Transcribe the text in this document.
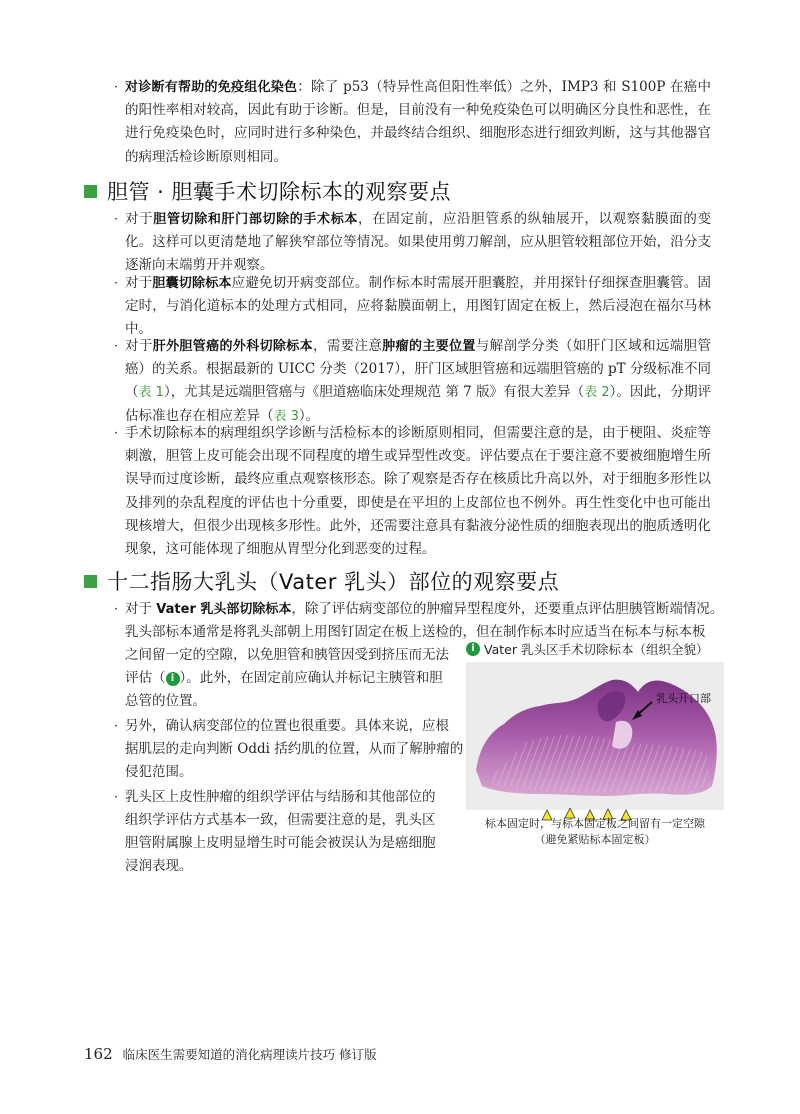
· 对诊断有帮助的免疫组化染色：除了 p53（特异性高但阳性率低）之外，IMP3 和 S100P 在癌中的阳性率相对较高，因此有助于诊断。但是，目前没有一种免疫染色可以明确区分良性和恶性，在进行免疫染色时，应同时进行多种染色，并最终结合组织、细胞形态进行细致判断，这与其他器官的病理活检诊断原则相同。
胆管 · 胆囊手术切除标本的观察要点
· 对于胆管切除和肝门部切除的手术标本，在固定前，应沿胆管系的纵轴展开，以观察黏膜面的变化。这样可以更清楚地了解狭窄部位等情况。如果使用剪刀解剖，应从胆管较粗部位开始，沿分支逐渐向末端剪开并观察。
· 对于胆囊切除标本应避免切开病变部位。制作标本时需展开胆囊腔，并用探针仔细探查胆囊管。固定时，与消化道标本的处理方式相同，应将黏膜面朝上，用图钉固定在板上，然后浸泡在福尔马林中。
· 对于肝外胆管癌的外科切除标本，需要注意肿瘤的主要位置与解剖学分类（如肝门区域和远端胆管癌）的关系。根据最新的 UICC 分类（2017），肝门区域胆管癌和远端胆管癌的 pT 分级标准不同（表 1），尤其是远端胆管癌与《胆道癌临床处理规范 第 7 版》有很大差异（表 2）。因此，分期评估标准也存在相应差异（表 3）。
· 手术切除标本的病理组织学诊断与活检标本的诊断原则相同，但需要注意的是，由于梗阻、炎症等刺激，胆管上皮可能会出现不同程度的增生或异型性改变。评估要点在于要注意不要被细胞增生所误导而过度诊断，最终应重点观察核形态。除了观察是否存在核质比升高以外，对于细胞多形性以及排列的杂乱程度的评估也十分重要，即使是在平坦的上皮部位也不例外。再生性变化中也可能出现核增大，但很少出现核多形性。此外，还需要注意具有黏液分泌性质的细胞表现出的胞质透明化现象，这可能体现了细胞从胃型分化到恶变的过程。
十二指肠大乳头（Vater 乳头）部位的观察要点
· 对于 Vater 乳头部切除标本，除了评估病变部位的肿瘤异型程度外，还要重点评估胆胰管断端情况。
乳头部标本通常是将乳头部朝上用图钉固定在板上送检的，但在制作标本时应适当在标本与标本板
之间留一定的空隙，以免胆管和胰管因受到挤压而无法
评估（ i ）。此外，在固定前应确认并标记主胰管和胆
总管的位置。
· 另外，确认病变部位的位置也很重要。具体来说，应根
据肌层的走向判断 Oddi 括约肌的位置，从而了解肿瘤的
侵犯范围。
· 乳头区上皮性肿瘤的组织学评估与结肠和其他部位的
组织学评估方式基本一致，但需要注意的是，乳头区
胆管附属腺上皮明显增生时可能会被误认为是癌细胞
浸润表现。
i Vater 乳头区手术切除标本（组织全貌）
乳头开口部
标本固定时，与标本固定板之间留有一定空隙
（避免紧贴标本固定板）
162 临床医生需要知道的消化病理读片技巧 修订版
